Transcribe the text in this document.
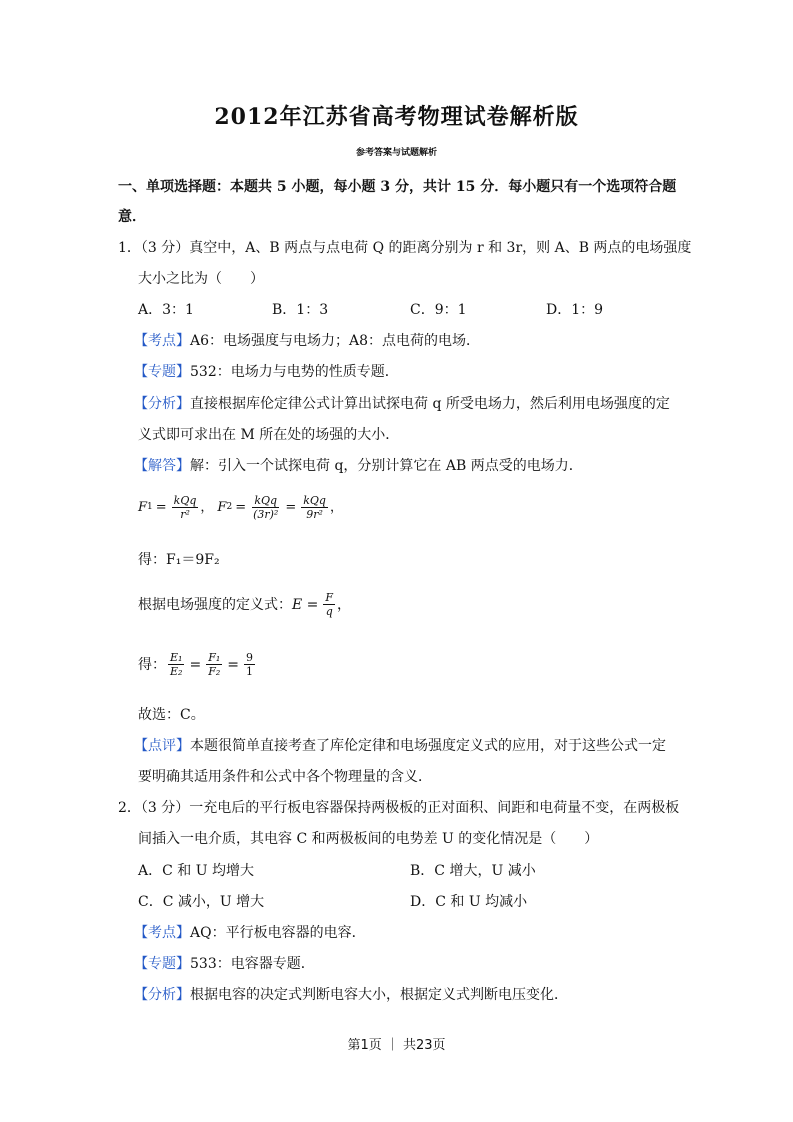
2012年江苏省高考物理试卷解析版
参考答案与试题解析
一、单项选择题：本题共 5 小题，每小题 3 分，共计 15 分．每小题只有一个选项符合题
意．
1．（3 分）真空中，A、B 两点与点电荷 Q 的距离分别为 r 和 3r，则 A、B 两点的电场强度
大小之比为（　　）
A．3：1	B．1：3	C．9：1	D．1：9
【考点】A6：电场强度与电场力；A8：点电荷的电场．
【专题】532：电场力与电势的性质专题．
【分析】直接根据库伦定律公式计算出试探电荷 q 所受电场力，然后利用电场强度的定
义式即可求出在 M 所在处的场强的大小．
【解答】解：引入一个试探电荷 q，分别计算它在 AB 两点受的电场力．
F $1 = \frac{\text{kQq}}{\text{r²}}$ ， F $2 = \frac{\text{kQq}}{\text{(3r)²}} = \frac{\text{kQq}}{\text{9r²}}$ ，
得：F₁＝9F₂
根据电场强度的定义式： $E = \frac{F}{q}$ ，
得： $\frac{\text{E₁}}{\text{E₂}} = \frac{\text{F₁}}{\text{F₂}} = \frac{9}{1}$
故选：C。
【点评】本题很简单直接考查了库伦定律和电场强度定义式的应用，对于这些公式一定
要明确其适用条件和公式中各个物理量的含义．
2．（3 分）一充电后的平行板电容器保持两极板的正对面积、间距和电荷量不变，在两极板
间插入一电介质，其电容 C 和两极板间的电势差 U 的变化情况是（　　）
A．C 和 U 均增大	B．C 增大，U 减小
C．C 减小，U 增大	D．C 和 U 均减小
【考点】AQ：平行板电容器的电容．
【专题】533：电容器专题．
【分析】根据电容的决定式判断电容大小，根据定义式判断电压变化．
第1页 ｜ 共23页
